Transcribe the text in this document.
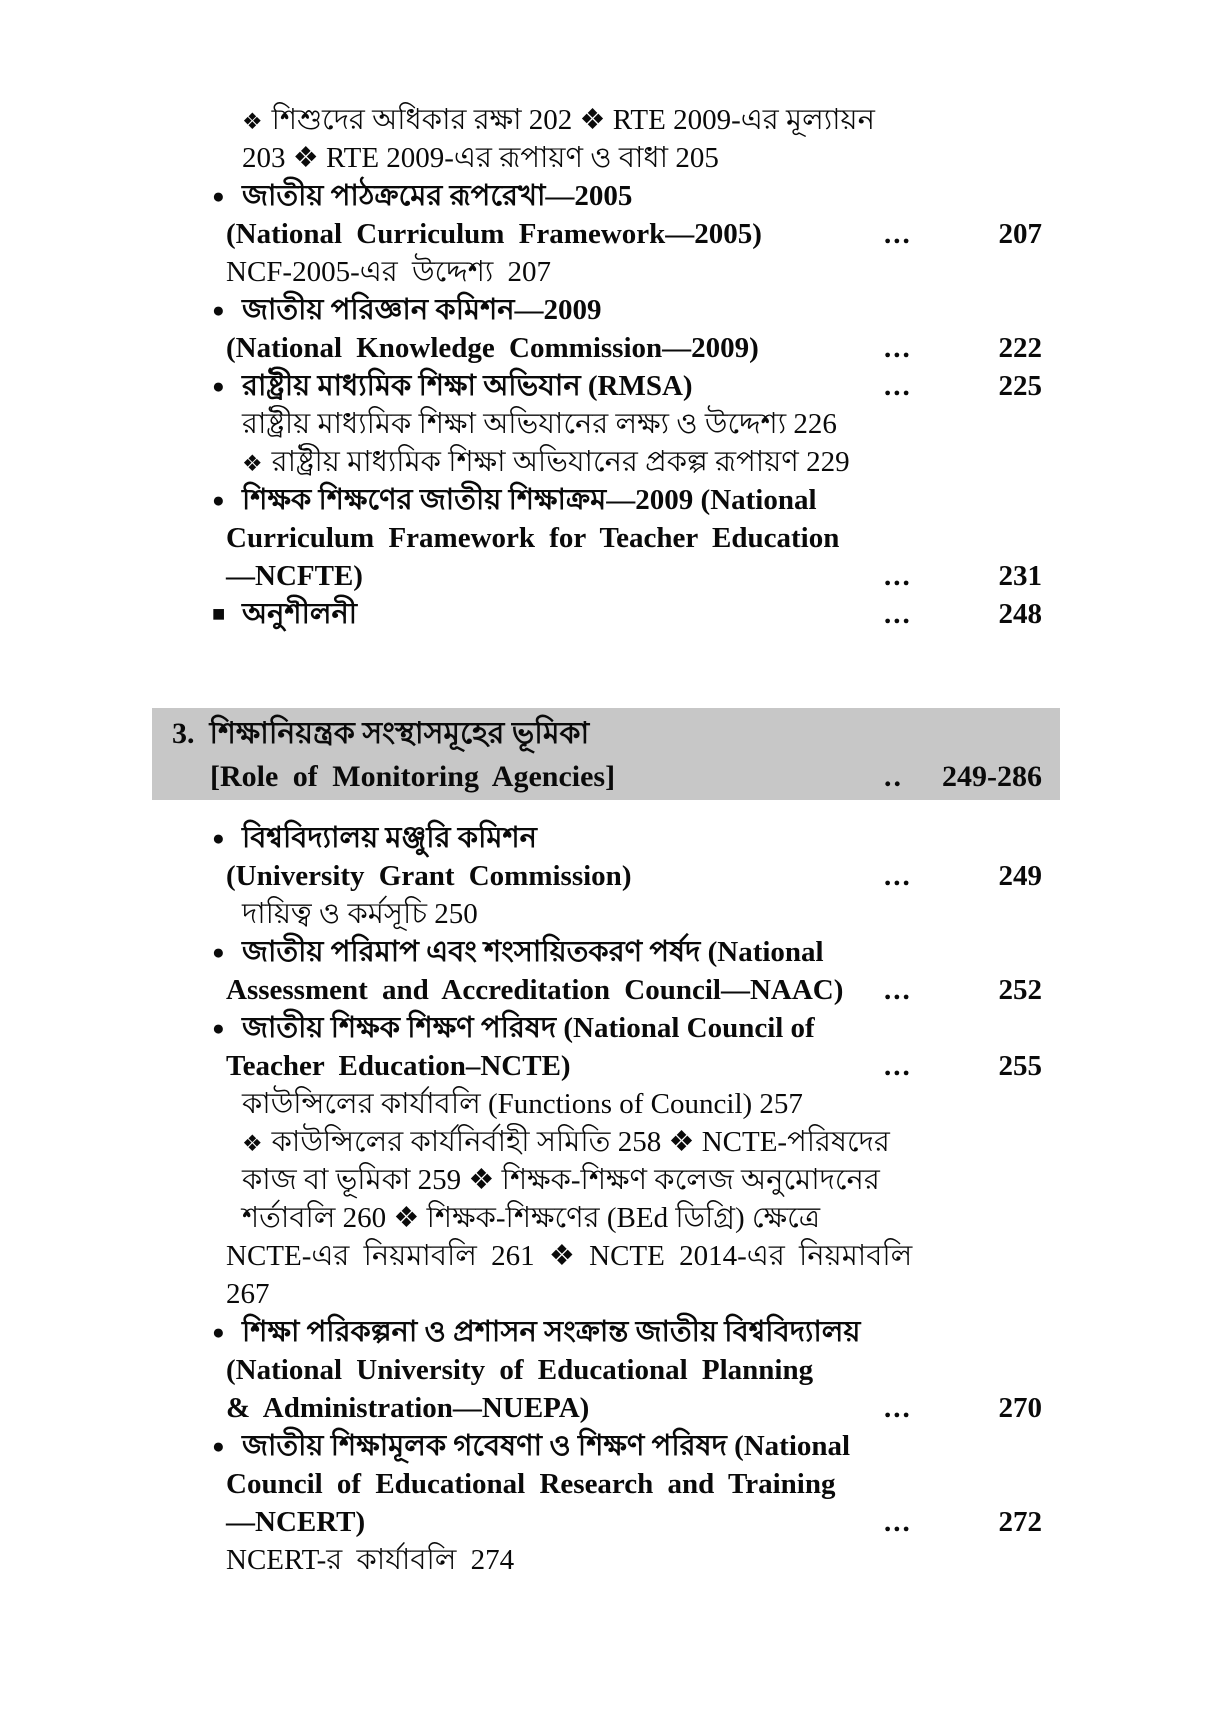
❖ শিশুদের অধিকার রক্ষা 202 ❖ RTE 2009-এর মূল্যায়ন
203 ❖ RTE 2009-এর রূপায়ণ ও বাধা 205
● জাতীয় পাঠক্রমের রূপরেখা—2005
(National Curriculum Framework—2005)	...	207
NCF-2005-এর উদ্দেশ্য 207
● জাতীয় পরিজ্ঞান কমিশন—2009
(National Knowledge Commission—2009)	...	222
● রাষ্ট্রীয় মাধ্যমিক শিক্ষা অভিযান (RMSA)	...	225
রাষ্ট্রীয় মাধ্যমিক শিক্ষা অভিযানের লক্ষ্য ও উদ্দেশ্য 226
❖ রাষ্ট্রীয় মাধ্যমিক শিক্ষা অভিযানের প্রকল্প রূপায়ণ 229
● শিক্ষক শিক্ষণের জাতীয় শিক্ষাক্রম—2009 (National
Curriculum Framework for Teacher Education
—NCFTE)	...	231
■ অনুশীলনী	...	248
3. শিক্ষানিয়ন্ত্রক সংস্থাসমূহের ভূমিকা
[Role of Monitoring Agencies]	.. 249-286
● বিশ্ববিদ্যালয় মঞ্জুরি কমিশন
(University Grant Commission)	...	249
দায়িত্ব ও কর্মসূচি 250
● জাতীয় পরিমাপ এবং শংসায়িতকরণ পর্ষদ (National
Assessment and Accreditation Council—NAAC) ...	252
● জাতীয় শিক্ষক শিক্ষণ পরিষদ (National Council of
Teacher Education–NCTE)	...	255
কাউন্সিলের কার্যাবলি (Functions of Council) 257
❖ কাউন্সিলের কার্যনির্বাহী সমিতি 258 ❖ NCTE-পরিষদের
কাজ বা ভূমিকা 259 ❖ শিক্ষক-শিক্ষণ কলেজ অনুমোদনের
শর্তাবলি 260 ❖ শিক্ষক-শিক্ষণের (BEd ডিগ্রি) ক্ষেত্রে
NCTE-এর নিয়মাবলি 261 ❖ NCTE 2014-এর নিয়মাবলি
267
● শিক্ষা পরিকল্পনা ও প্রশাসন সংক্রান্ত জাতীয় বিশ্ববিদ্যালয়
(National University of Educational Planning
& Administration—NUEPA)	...	270
● জাতীয় শিক্ষামূলক গবেষণা ও শিক্ষণ পরিষদ (National
Council of Educational Research and Training
—NCERT)	...	272
NCERT-র কার্যাবলি 274
